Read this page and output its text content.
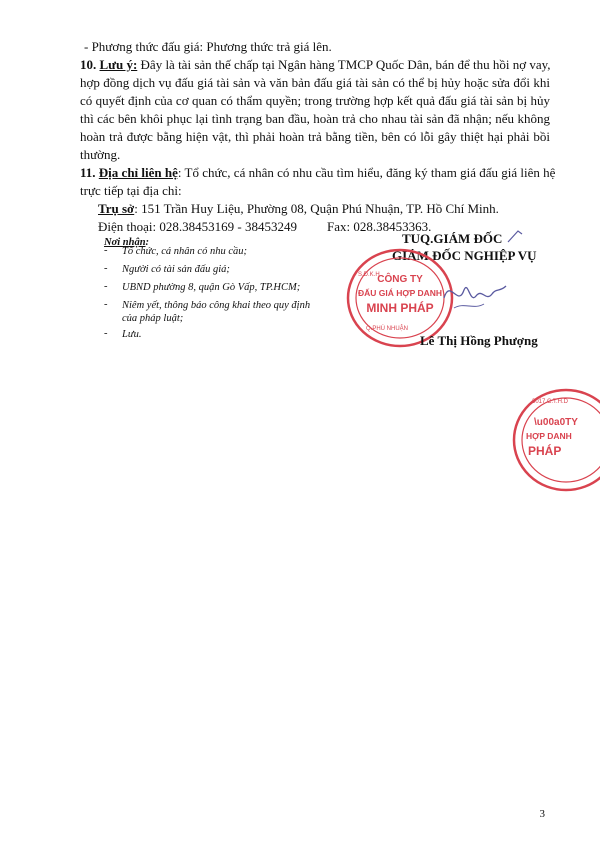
- Phương thức đấu giá: Phương thức trả giá lên.
10. Lưu ý: Đây là tài sản thế chấp tại Ngân hàng TMCP Quốc Dân, bán để thu hồi nợ vay,
hợp đồng dịch vụ đấu giá tài sản và văn bản đấu giá tài sản có thể bị hủy hoặc sửa đổi khi
có quyết định của cơ quan có thẩm quyền; trong trường hợp kết quả đấu giá tài sản bị hủy
thì các bên khôi phục lại tình trạng ban đầu, hoàn trả cho nhau tài sản đã nhận; nếu không
hoàn trả được bằng hiện vật, thì phải hoàn trả bằng tiền, bên có lỗi gây thiệt hại phải bồi
thường.
11. Địa chỉ liên hệ: Tổ chức, cá nhân có nhu cầu tìm hiểu, đăng ký tham giá đấu giá liên hệ
trực tiếp tại địa chỉ:
Trụ sở: 151 Trần Huy Liệu, Phường 08, Quận Phú Nhuận, TP. Hồ Chí Minh.
Điện thoại: 028.38453169 - 38453249 Fax: 028.38453363.
Nơi nhận:
- Tổ chức, cá nhân có nhu cầu;
- Người có tài sản đấu giá;
- UBND phường 8, quận Gò Vấp, TP.HCM;
- Niêm yết, thông báo công khai theo quy định
của pháp luật;
- Lưu.
TUQ.GIÁM ĐỐC
GIÁM ĐỐC NGHIỆP VỤ
CÔNG TY
ĐẤU GIÁ HỢP DANH
MINH PHÁP
Q.PHÚ NHUẬN
S.Đ.K.H
Lê Thị Hồng Phượng
\u00a0TY
HỢP DANH
PHÁP
3017 C.T.H.D
3
